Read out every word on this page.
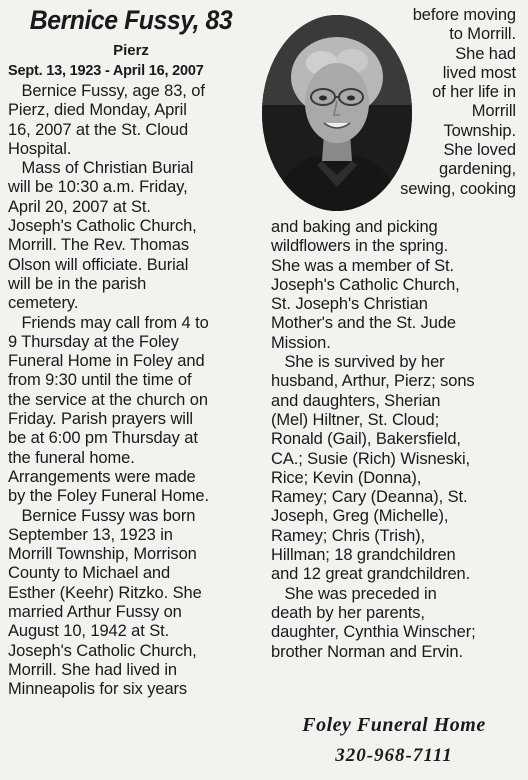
Bernice Fussy, 83
Pierz
Sept. 13, 1923 - April 16, 2007
Bernice Fussy, age 83, of
Pierz, died Monday, April
16, 2007 at the St. Cloud
Hospital.
Mass of Christian Burial
will be 10:30 a.m. Friday,
April 20, 2007 at St.
Joseph's Catholic Church,
Morrill. The Rev. Thomas
Olson will officiate. Burial
will be in the parish
cemetery.
Friends may call from 4 to
9 Thursday at the Foley
Funeral Home in Foley and
from 9:30 until the time of
the service at the church on
Friday. Parish prayers will
be at 6:00 pm Thursday at
the funeral home.
Arrangements were made
by the Foley Funeral Home.
Bernice Fussy was born
September 13, 1923 in
Morrill Township, Morrison
County to Michael and
Esther (Keehr) Ritzko. She
married Arthur Fussy on
August 10, 1942 at St.
Joseph's Catholic Church,
Morrill. She had lived in
Minneapolis for six years
before moving
to Morrill.
She had
lived most
of her life in
Morrill
Township.
She loved
gardening,
sewing, cooking
and baking and picking
wildflowers in the spring.
She was a member of St.
Joseph's Catholic Church,
St. Joseph's Christian
Mother's and the St. Jude
Mission.
She is survived by her
husband, Arthur, Pierz; sons
and daughters, Sherian
(Mel) Hiltner, St. Cloud;
Ronald (Gail), Bakersfield,
CA.; Susie (Rich) Wisneski,
Rice; Kevin (Donna),
Ramey; Cary (Deanna), St.
Joseph, Greg (Michelle),
Ramey; Chris (Trish),
Hillman; 18 grandchildren
and 12 great grandchildren.
She was preceded in
death by her parents,
daughter, Cynthia Winscher;
brother Norman and Ervin.
Foley Funeral Home
320-968-7111
